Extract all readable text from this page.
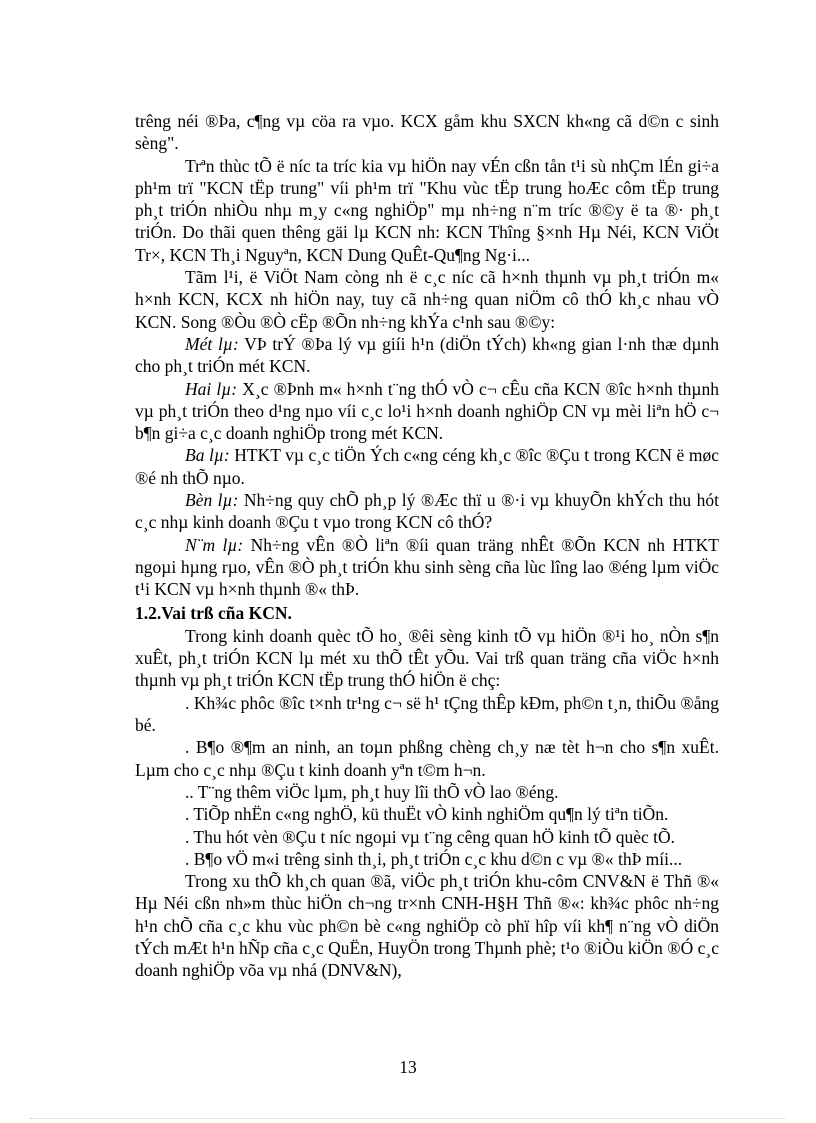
trêng néi ®Þa, c¶ng vµ cöa ra vµo. KCX gåm khu SXCN kh«ng cã d©n c sinh sèng".

Trªn thùc tÕ ë níc ta tríc kia vµ hiÖn nay vÉn cßn tån t¹i sù nhÇm lÉn gi÷a ph¹m trï "KCN tËp trung" víi ph¹m trï "Khu vùc tËp trung hoÆc côm tËp trung ph¸t triÓn nhiÒu nhµ m¸y c«ng nghiÖp" mµ nh÷ng n¨m tríc ®©y ë ta ®· ph¸t triÓn. Do thãi quen thêng gäi lµ KCN nh: KCN Thîng §×nh Hµ Néi, KCN ViÖt Tr×, KCN Th¸i Nguyªn, KCN Dung QuÊt-Qu¶ng Ng·i...

Tãm l¹i, ë ViÖt Nam còng nh ë c¸c níc cã h×nh thµnh vµ ph¸t triÓn m« h×nh KCN, KCX nh hiÖn nay, tuy cã nh÷ng quan niÖm cô thÓ kh¸c nhau vÒ KCN. Song ®Òu ®Ò cËp ®Õn nh÷ng khÝa c¹nh sau ®©y:

Mét lµ: VÞ trÝ ®Þa lý vµ giíi h¹n (diÖn tÝch) kh«ng gian l·nh thæ dµnh cho ph¸t triÓn mét KCN.

Hai lµ: X¸c ®Þnh m« h×nh t¨ng thÓ vÒ c¬ cÊu cña KCN ®îc h×nh thµnh vµ ph¸t triÓn theo d¹ng nµo víi c¸c lo¹i h×nh doanh nghiÖp CN vµ mèi liªn hÖ c¬ b¶n gi÷a c¸c doanh nghiÖp trong mét KCN.

Ba lµ: HTKT vµ c¸c tiÖn Ých c«ng céng kh¸c ®îc ®Çu t trong KCN ë møc ®é nh thÕ nµo.

Bèn lµ: Nh÷ng quy chÕ ph¸p lý ®Æc thï u ®·i vµ khuyÕn khÝch thu hót c¸c nhµ kinh doanh ®Çu t vµo trong KCN cô thÓ?

N¨m lµ: Nh÷ng vÊn ®Ò liªn ®íi quan träng nhÊt ®Õn KCN nh HTKT ngoµi hµng rµo, vÊn ®Ò ph¸t triÓn khu sinh sèng cña lùc lîng lao ®éng lµm viÖc t¹i KCN vµ h×nh thµnh ®« thÞ.

1.2.Vai trß cña KCN.

Trong kinh doanh quèc tÕ ho¸ ®êi sèng kinh tÕ vµ hiÖn ®¹i ho¸ nÒn s¶n xuÊt, ph¸t triÓn KCN lµ mét xu thÕ tÊt yÕu. Vai trß quan träng cña viÖc h×nh thµnh vµ ph¸t triÓn KCN tËp trung thÓ hiÖn ë chç:

. Kh¾c phôc ®îc t×nh tr¹ng c¬ së h¹ tÇng thÊp kÐm, ph©n t¸n, thiÕu ®ång bé.

. B¶o ®¶m an ninh, an toµn phßng chèng ch¸y næ tèt h¬n cho s¶n xuÊt. Lµm cho c¸c nhµ ®Çu t kinh doanh yªn t©m h¬n.

.. T¨ng thêm viÖc lµm, ph¸t huy lîi thÕ vÒ lao ®éng.

. TiÕp nhËn c«ng nghÖ, kü thuËt vÒ kinh nghiÖm qu¶n lý tiªn tiÕn.

. Thu hót vèn ®Çu t níc ngoµi vµ t¨ng cêng quan hÖ kinh tÕ quèc tÕ.

. B¶o vÖ m«i trêng sinh th¸i, ph¸t triÓn c¸c khu d©n c vµ ®« thÞ míi...

Trong xu thÕ kh¸ch quan ®ã, viÖc ph¸t triÓn khu-côm CNV&N ë Thñ ®« Hµ Néi cßn nh»m thùc hiÖn ch¬ng tr×nh CNH-H§H Thñ ®«: kh¾c phôc nh÷ng h¹n chÕ cña c¸c khu vùc ph©n bè c«ng nghiÖp cò phï hîp víi kh¶ n¨ng vÒ diÖn tÝch mÆt h¹n hÑp cña c¸c QuËn, HuyÖn trong Thµnh phè; t¹o ®iÒu kiÖn ®Ó c¸c doanh nghiÖp võa vµ nhá (DNV&N),

13
